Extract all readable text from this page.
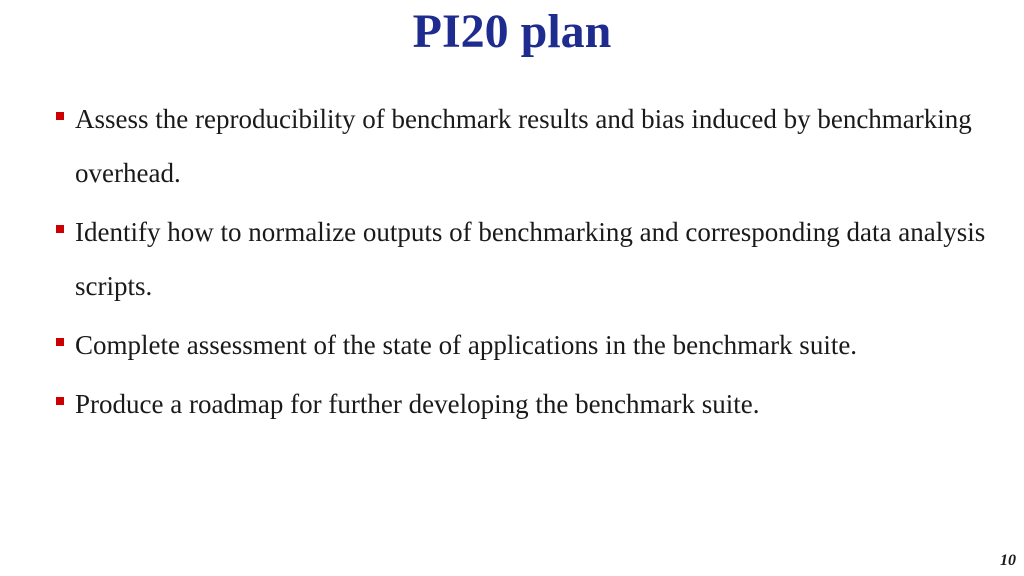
PI20 plan
Assess the reproducibility of benchmark results and bias induced by benchmarking overhead.
Identify how to normalize outputs of benchmarking and corresponding data analysis scripts.
Complete assessment of the state of applications in the benchmark suite.
Produce a roadmap for further developing the benchmark suite.
10
